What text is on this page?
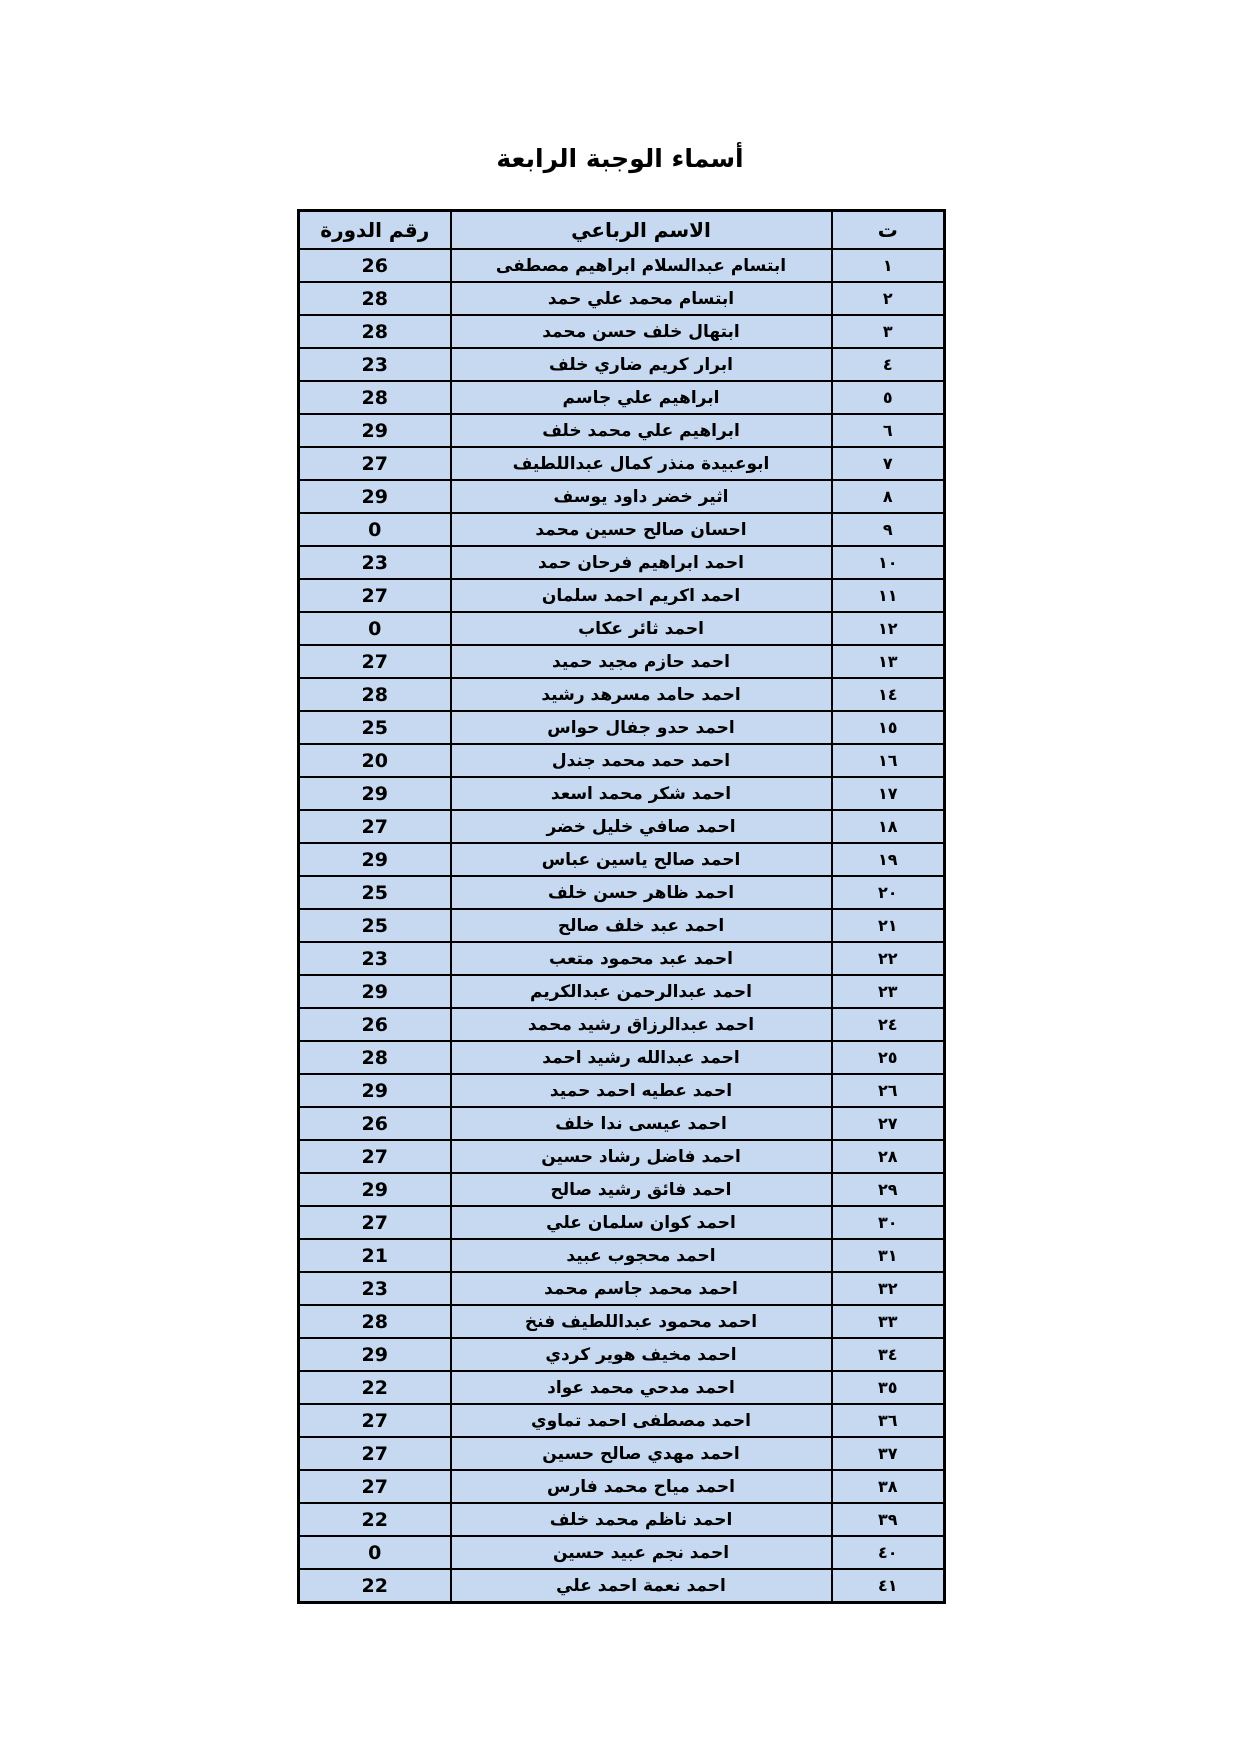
أسماء الوجبة الرابعة
ت	الاسم الرباعي	رقم الدورة
١	ابتسام عبدالسلام ابراهيم مصطفى	26
٢	ابتسام محمد علي حمد	28
٣	ابتهال خلف حسن محمد	28
٤	ابرار كريم ضاري خلف	23
٥	ابراهيم علي جاسم	28
٦	ابراهيم علي محمد خلف	29
٧	ابوعبيدة منذر كمال عبداللطيف	27
٨	اثير خضر داود يوسف	29
٩	احسان صالح حسين محمد	0
١٠	احمد ابراهيم فرحان حمد	23
١١	احمد اكريم احمد سلمان	27
١٢	احمد ثائر عكاب	0
١٣	احمد حازم مجيد حميد	27
١٤	احمد حامد مسرهد رشيد	28
١٥	احمد حدو جفال حواس	25
١٦	احمد حمد محمد جندل	20
١٧	احمد شكر محمد اسعد	29
١٨	احمد صافي خليل خضر	27
١٩	احمد صالح ياسين عباس	29
٢٠	احمد ظاهر حسن خلف	25
٢١	احمد عبد خلف صالح	25
٢٢	احمد عبد محمود متعب	23
٢٣	احمد عبدالرحمن عبدالكريم	29
٢٤	احمد عبدالرزاق رشيد محمد	26
٢٥	احمد عبدالله رشيد احمد	28
٢٦	احمد عطيه احمد حميد	29
٢٧	احمد عيسى ندا خلف	26
٢٨	احمد فاضل رشاد حسين	27
٢٩	احمد فائق رشيد صالح	29
٣٠	احمد كوان سلمان علي	27
٣١	احمد محجوب عبيد	21
٣٢	احمد محمد جاسم محمد	23
٣٣	احمد محمود عبداللطيف فنخ	28
٣٤	احمد مخيف هوير كردي	29
٣٥	احمد مدحي محمد عواد	22
٣٦	احمد مصطفى احمد تماوي	27
٣٧	احمد مهدي صالح حسين	27
٣٨	احمد مياح محمد فارس	27
٣٩	احمد ناظم محمد خلف	22
٤٠	احمد نجم عبيد حسين	0
٤١	احمد نعمة احمد علي	22
